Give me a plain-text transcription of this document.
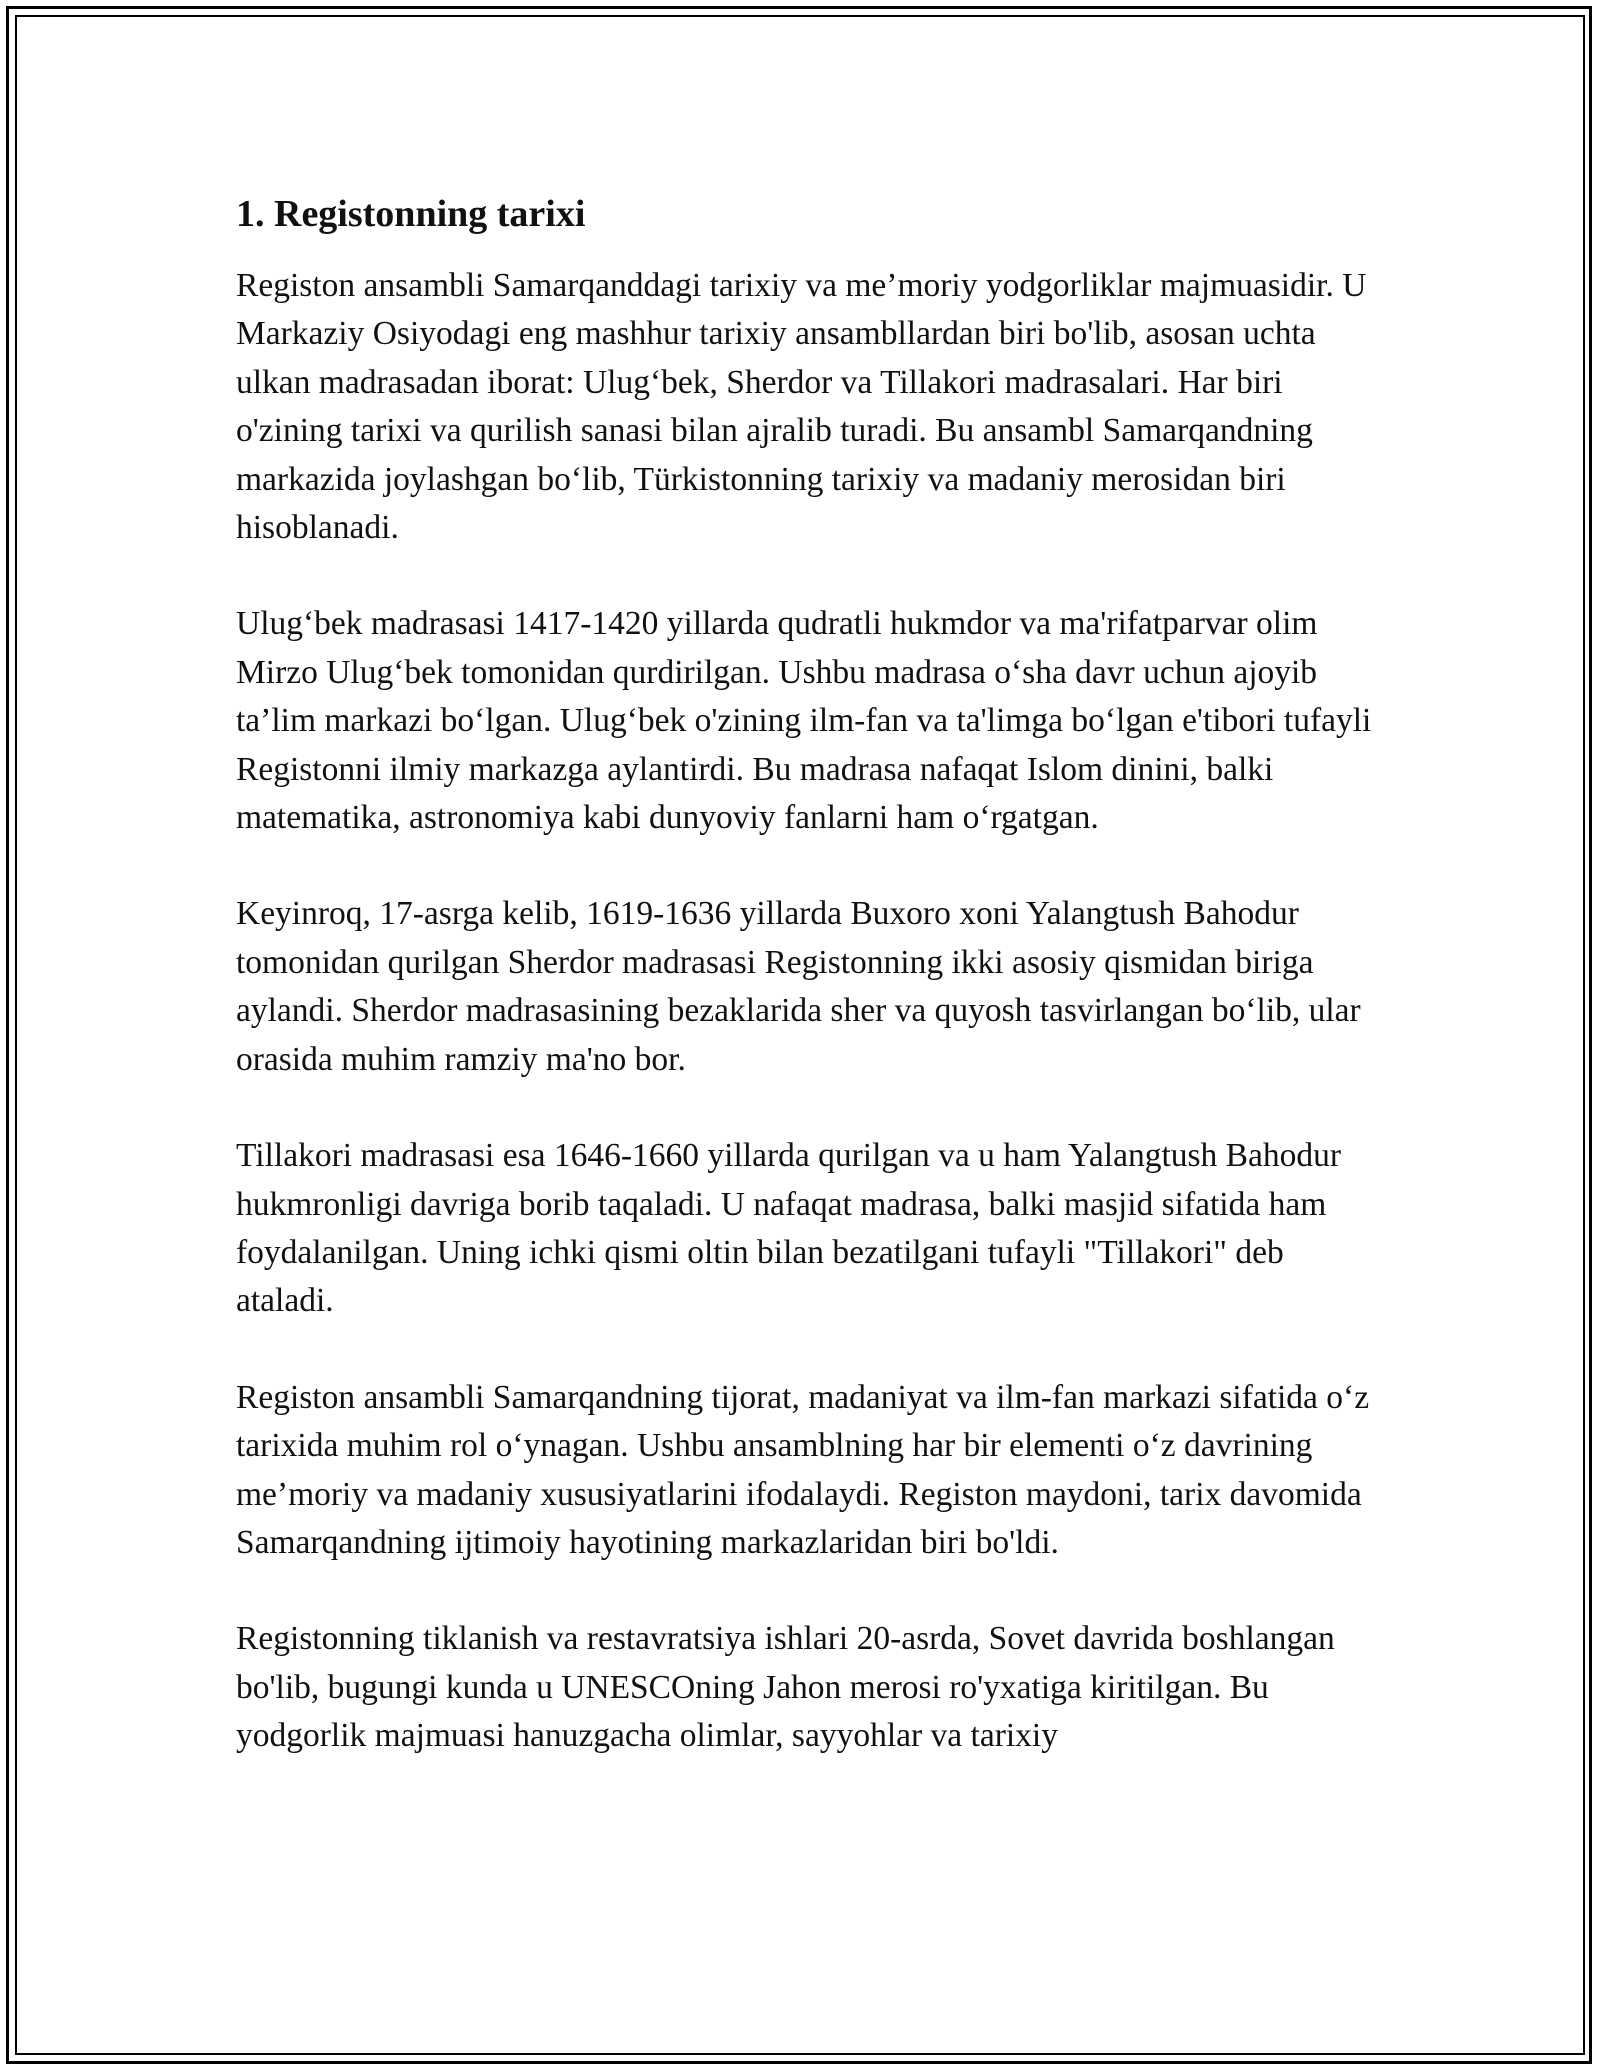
1. Registonning tarixi

Registon ansambli Samarqanddagi tarixiy va me’moriy yodgorliklar majmuasidir. U Markaziy Osiyodagi eng mashhur tarixiy ansambllardan biri bo'lib, asosan uchta ulkan madrasadan iborat: Ulug‘bek, Sherdor va Tillakori madrasalari. Har biri o'zining tarixi va qurilish sanasi bilan ajralib turadi. Bu ansambl Samarqandning markazida joylashgan bo‘lib, Türkistonning tarixiy va madaniy merosidan biri hisoblanadi.

Ulug‘bek madrasasi 1417-1420 yillarda qudratli hukmdor va ma'rifatparvar olim Mirzo Ulug‘bek tomonidan qurdirilgan. Ushbu madrasa o‘sha davr uchun ajoyib ta’lim markazi bo‘lgan. Ulug‘bek o'zining ilm-fan va ta'limga bo‘lgan e'tibori tufayli Registonni ilmiy markazga aylantirdi. Bu madrasa nafaqat Islom dinini, balki matematika, astronomiya kabi dunyoviy fanlarni ham o‘rgatgan.

Keyinroq, 17-asrga kelib, 1619-1636 yillarda Buxoro xoni Yalangtush Bahodur tomonidan qurilgan Sherdor madrasasi Registonning ikki asosiy qismidan biriga aylandi. Sherdor madrasasining bezaklarida sher va quyosh tasvirlangan bo‘lib, ular orasida muhim ramziy ma'no bor.

Tillakori madrasasi esa 1646-1660 yillarda qurilgan va u ham Yalangtush Bahodur hukmronligi davriga borib taqaladi. U nafaqat madrasa, balki masjid sifatida ham foydalanilgan. Uning ichki qismi oltin bilan bezatilgani tufayli "Tillakori" deb ataladi.

Registon ansambli Samarqandning tijorat, madaniyat va ilm-fan markazi sifatida o‘z tarixida muhim rol o‘ynagan. Ushbu ansamblning har bir elementi o‘z davrining me’moriy va madaniy xususiyatlarini ifodalaydi. Registon maydoni, tarix davomida Samarqandning ijtimoiy hayotining markazlaridan biri bo'ldi.

Registonning tiklanish va restavratsiya ishlari 20-asrda, Sovet davrida boshlangan bo'lib, bugungi kunda u UNESCOning Jahon merosi ro'yxatiga kiritilgan. Bu yodgorlik majmuasi hanuzgacha olimlar, sayyohlar va tarixiy
